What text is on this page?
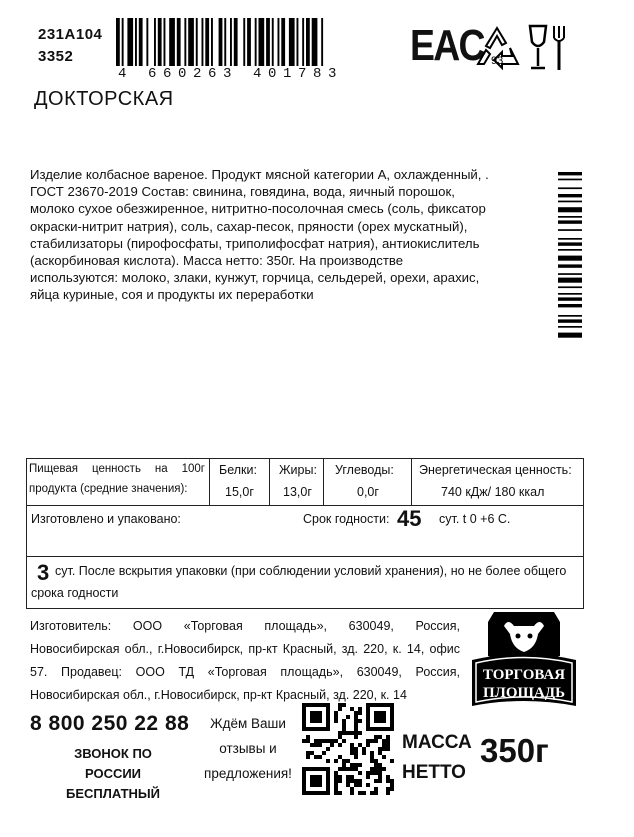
231A104
3352
4 660263 401783
EAC 93
ДОКТОРСКАЯ
Изделие колбасное вареное. Продукт мясной категории А, охлажденный, .
ГОСТ 23670-2019 Состав: свинина, говядина, вода, яичный порошок,
молоко сухое обезжиренное, нитритно-посолочная смесь (соль, фиксатор
окраски-нитрит натрия), соль, сахар-песок, пряности (орех мускатный),
стабилизаторы (пирофосфаты, триполифосфат натрия), антиокислитель
(аскорбиновая кислота). Масса нетто: 350г. На производстве
используются: молоко, злаки, кунжут, горчица, сельдерей, орехи, арахис,
яйца куриные, соя и продукты их переработки
Пищевая ценность на 100г
продукта (средние значения):
Белки:
15,0г
Жиры:
13,0г
Углеводы:
0,0г
Энергетическая ценность:
740 кДж/ 180 ккал
Изготовлено и упаковано:	Срок годности: 45 сут. t 0 +6 С.
3 сут. После вскрытия упаковки (при соблюдении условий хранения), но не более общего
срока годности
Изготовитель: ООО «Торговая площадь», 630049, Россия,
Новосибирская обл., г.Новосибирск, пр-кт Красный, зд. 220, к. 14, офис
57. Продавец: ООО ТД «Торговая площадь», 630049, Россия,
Новосибирская обл., г.Новосибирск, пр-кт Красный, зд. 220, к. 14
ТОРГОВАЯ
ПЛОЩАДЬ
8 800 250 22 88
ЗВОНОК ПО РОССИИ
БЕСПЛАТНЫЙ
Ждём Ваши
отзывы и
предложения!
МАССА
НЕТТО
350г
